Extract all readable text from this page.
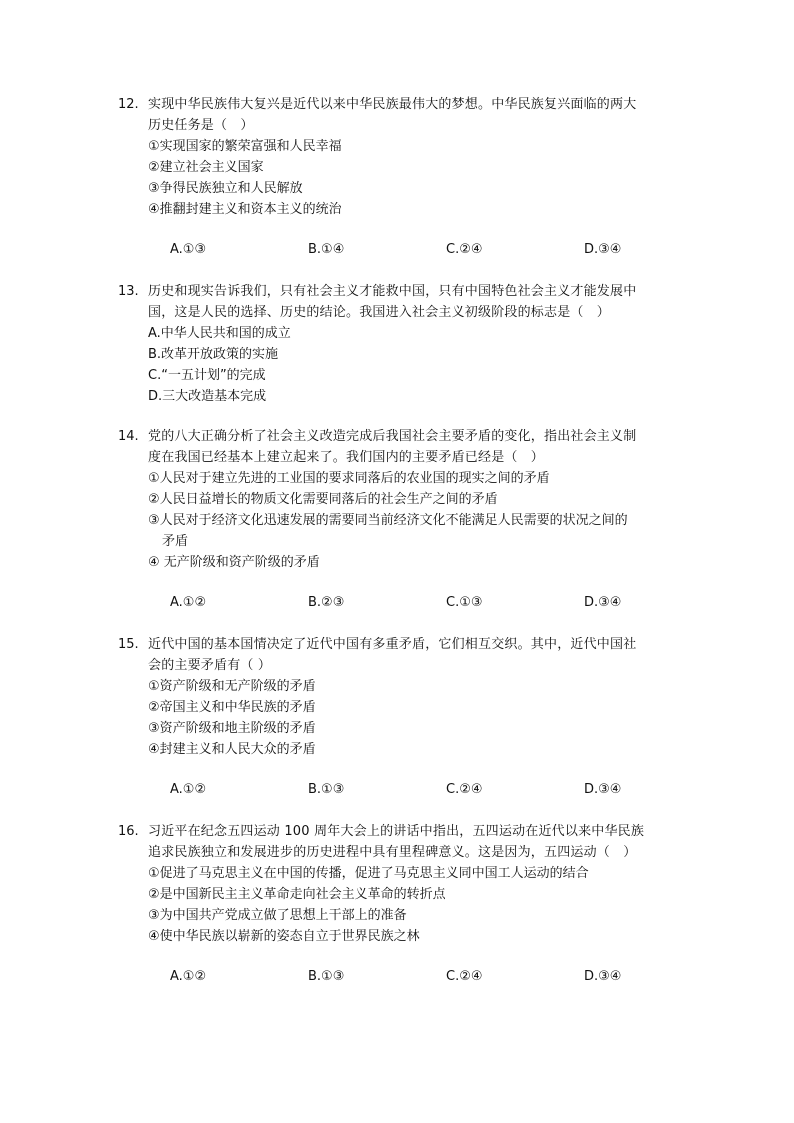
12. 实现中华民族伟大复兴是近代以来中华民族最伟大的梦想。中华民族复兴面临的两大
历史任务是（　）
①实现国家的繁荣富强和人民幸福
②建立社会主义国家
③争得民族独立和人民解放
④推翻封建主义和资本主义的统治
A.①③	B.①④	C.②④	D.③④
13. 历史和现实告诉我们，只有社会主义才能救中国，只有中国特色社会主义才能发展中
国，这是人民的选择、历史的结论。我国进入社会主义初级阶段的标志是（　）
A.中华人民共和国的成立
B.改革开放政策的实施
C.“一五计划”的完成
D.三大改造基本完成
14. 党的八大正确分析了社会主义改造完成后我国社会主要矛盾的变化，指出社会主义制
度在我国已经基本上建立起来了。我们国内的主要矛盾已经是（　）
①人民对于建立先进的工业国的要求同落后的农业国的现实之间的矛盾
②人民日益增长的物质文化需要同落后的社会生产之间的矛盾
③人民对于经济文化迅速发展的需要同当前经济文化不能满足人民需要的状况之间的
矛盾
④ 无产阶级和资产阶级的矛盾
A.①②	B.②③	C.①③	D.③④
15. 近代中国的基本国情决定了近代中国有多重矛盾，它们相互交织。其中，近代中国社
会的主要矛盾有（ ）
①资产阶级和无产阶级的矛盾
②帝国主义和中华民族的矛盾
③资产阶级和地主阶级的矛盾
④封建主义和人民大众的矛盾
A.①②	B.①③	C.②④	D.③④
16. 习近平在纪念五四运动 100 周年大会上的讲话中指出，五四运动在近代以来中华民族
追求民族独立和发展进步的历史进程中具有里程碑意义。这是因为，五四运动（　）
①促进了马克思主义在中国的传播，促进了马克思主义同中国工人运动的结合
②是中国新民主主义革命走向社会主义革命的转折点
③为中国共产党成立做了思想上干部上的准备
④使中华民族以崭新的姿态自立于世界民族之林
A.①②	B.①③	C.②④	D.③④
